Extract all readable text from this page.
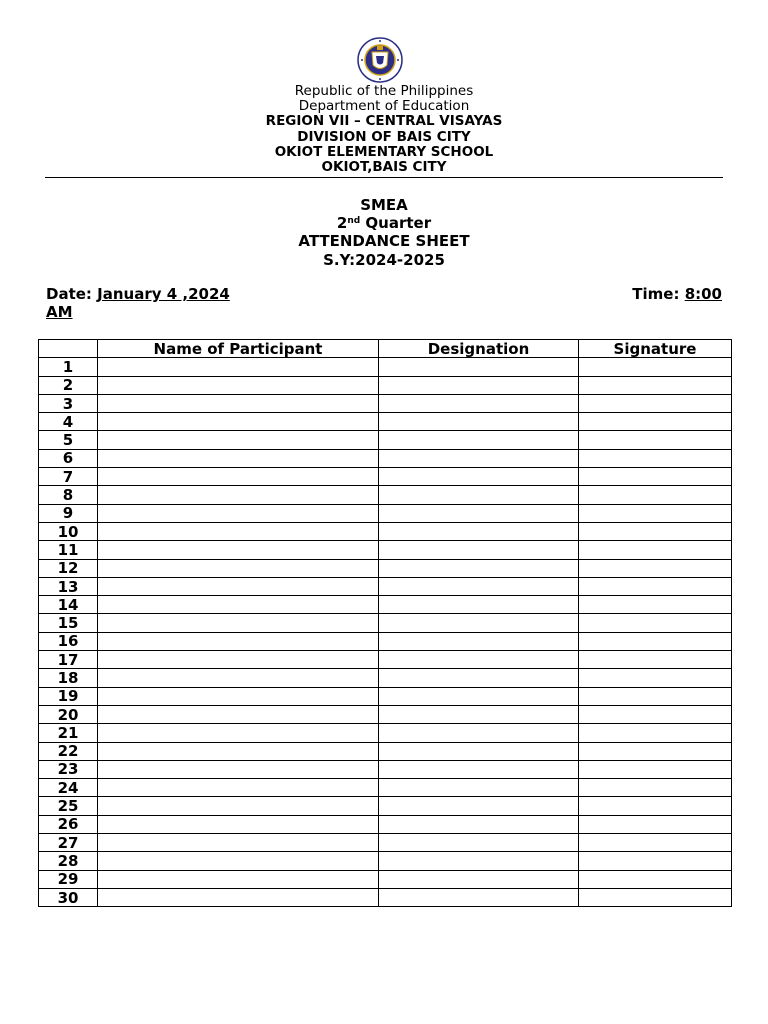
Republic of the Philippines
Department of Education
REGION VII – CENTRAL VISAYAS
DIVISION OF BAIS CITY
OKIOT ELEMENTARY SCHOOL
OKIOT,BAIS CITY
SMEA
2nd Quarter
ATTENDANCE SHEET
S.Y:2024-2025
Date: January 4 ,2024	Time: 8:00
AM
	Name of Participant	Designation	Signature
1			
2			
3			
4			
5			
6			
7			
8			
9			
10			
11			
12			
13			
14			
15			
16			
17			
18			
19			
20			
21			
22			
23			
24			
25			
26			
27			
28			
29			
30			
